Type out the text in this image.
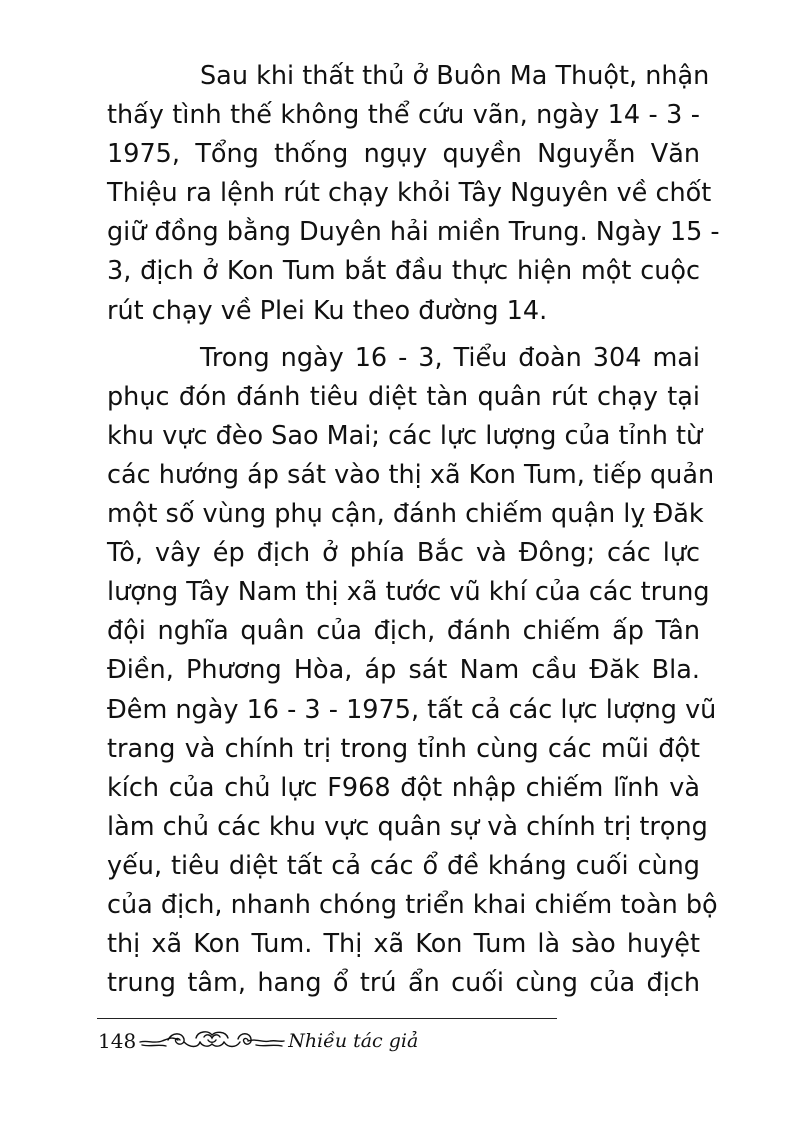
Sau khi thất thủ ở Buôn Ma Thuột, nhận
thấy tình thế không thể cứu vãn, ngày 14 - 3 -
1975, Tổng thống ngụy quyền Nguyễn Văn
Thiệu ra lệnh rút chạy khỏi Tây Nguyên về chốt
giữ đồng bằng Duyên hải miền Trung. Ngày 15 -
3, địch ở Kon Tum bắt đầu thực hiện một cuộc
rút chạy về Plei Ku theo đường 14.
Trong ngày 16 - 3, Tiểu đoàn 304 mai
phục đón đánh tiêu diệt tàn quân rút chạy tại
khu vực đèo Sao Mai; các lực lượng của tỉnh từ
các hướng áp sát vào thị xã Kon Tum, tiếp quản
một số vùng phụ cận, đánh chiếm quận lỵ Đăk
Tô, vây ép địch ở phía Bắc và Đông; các lực
lượng Tây Nam thị xã tước vũ khí của các trung
đội nghĩa quân của địch, đánh chiếm ấp Tân
Điền, Phương Hòa, áp sát Nam cầu Đăk Bla.
Đêm ngày 16 - 3 - 1975, tất cả các lực lượng vũ
trang và chính trị trong tỉnh cùng các mũi đột
kích của chủ lực F968 đột nhập chiếm lĩnh và
làm chủ các khu vực quân sự và chính trị trọng
yếu, tiêu diệt tất cả các ổ đề kháng cuối cùng
của địch, nhanh chóng triển khai chiếm toàn bộ
thị xã Kon Tum. Thị xã Kon Tum là sào huyệt
trung tâm, hang ổ trú ẩn cuối cùng của địch
148	Nhiều tác giả
